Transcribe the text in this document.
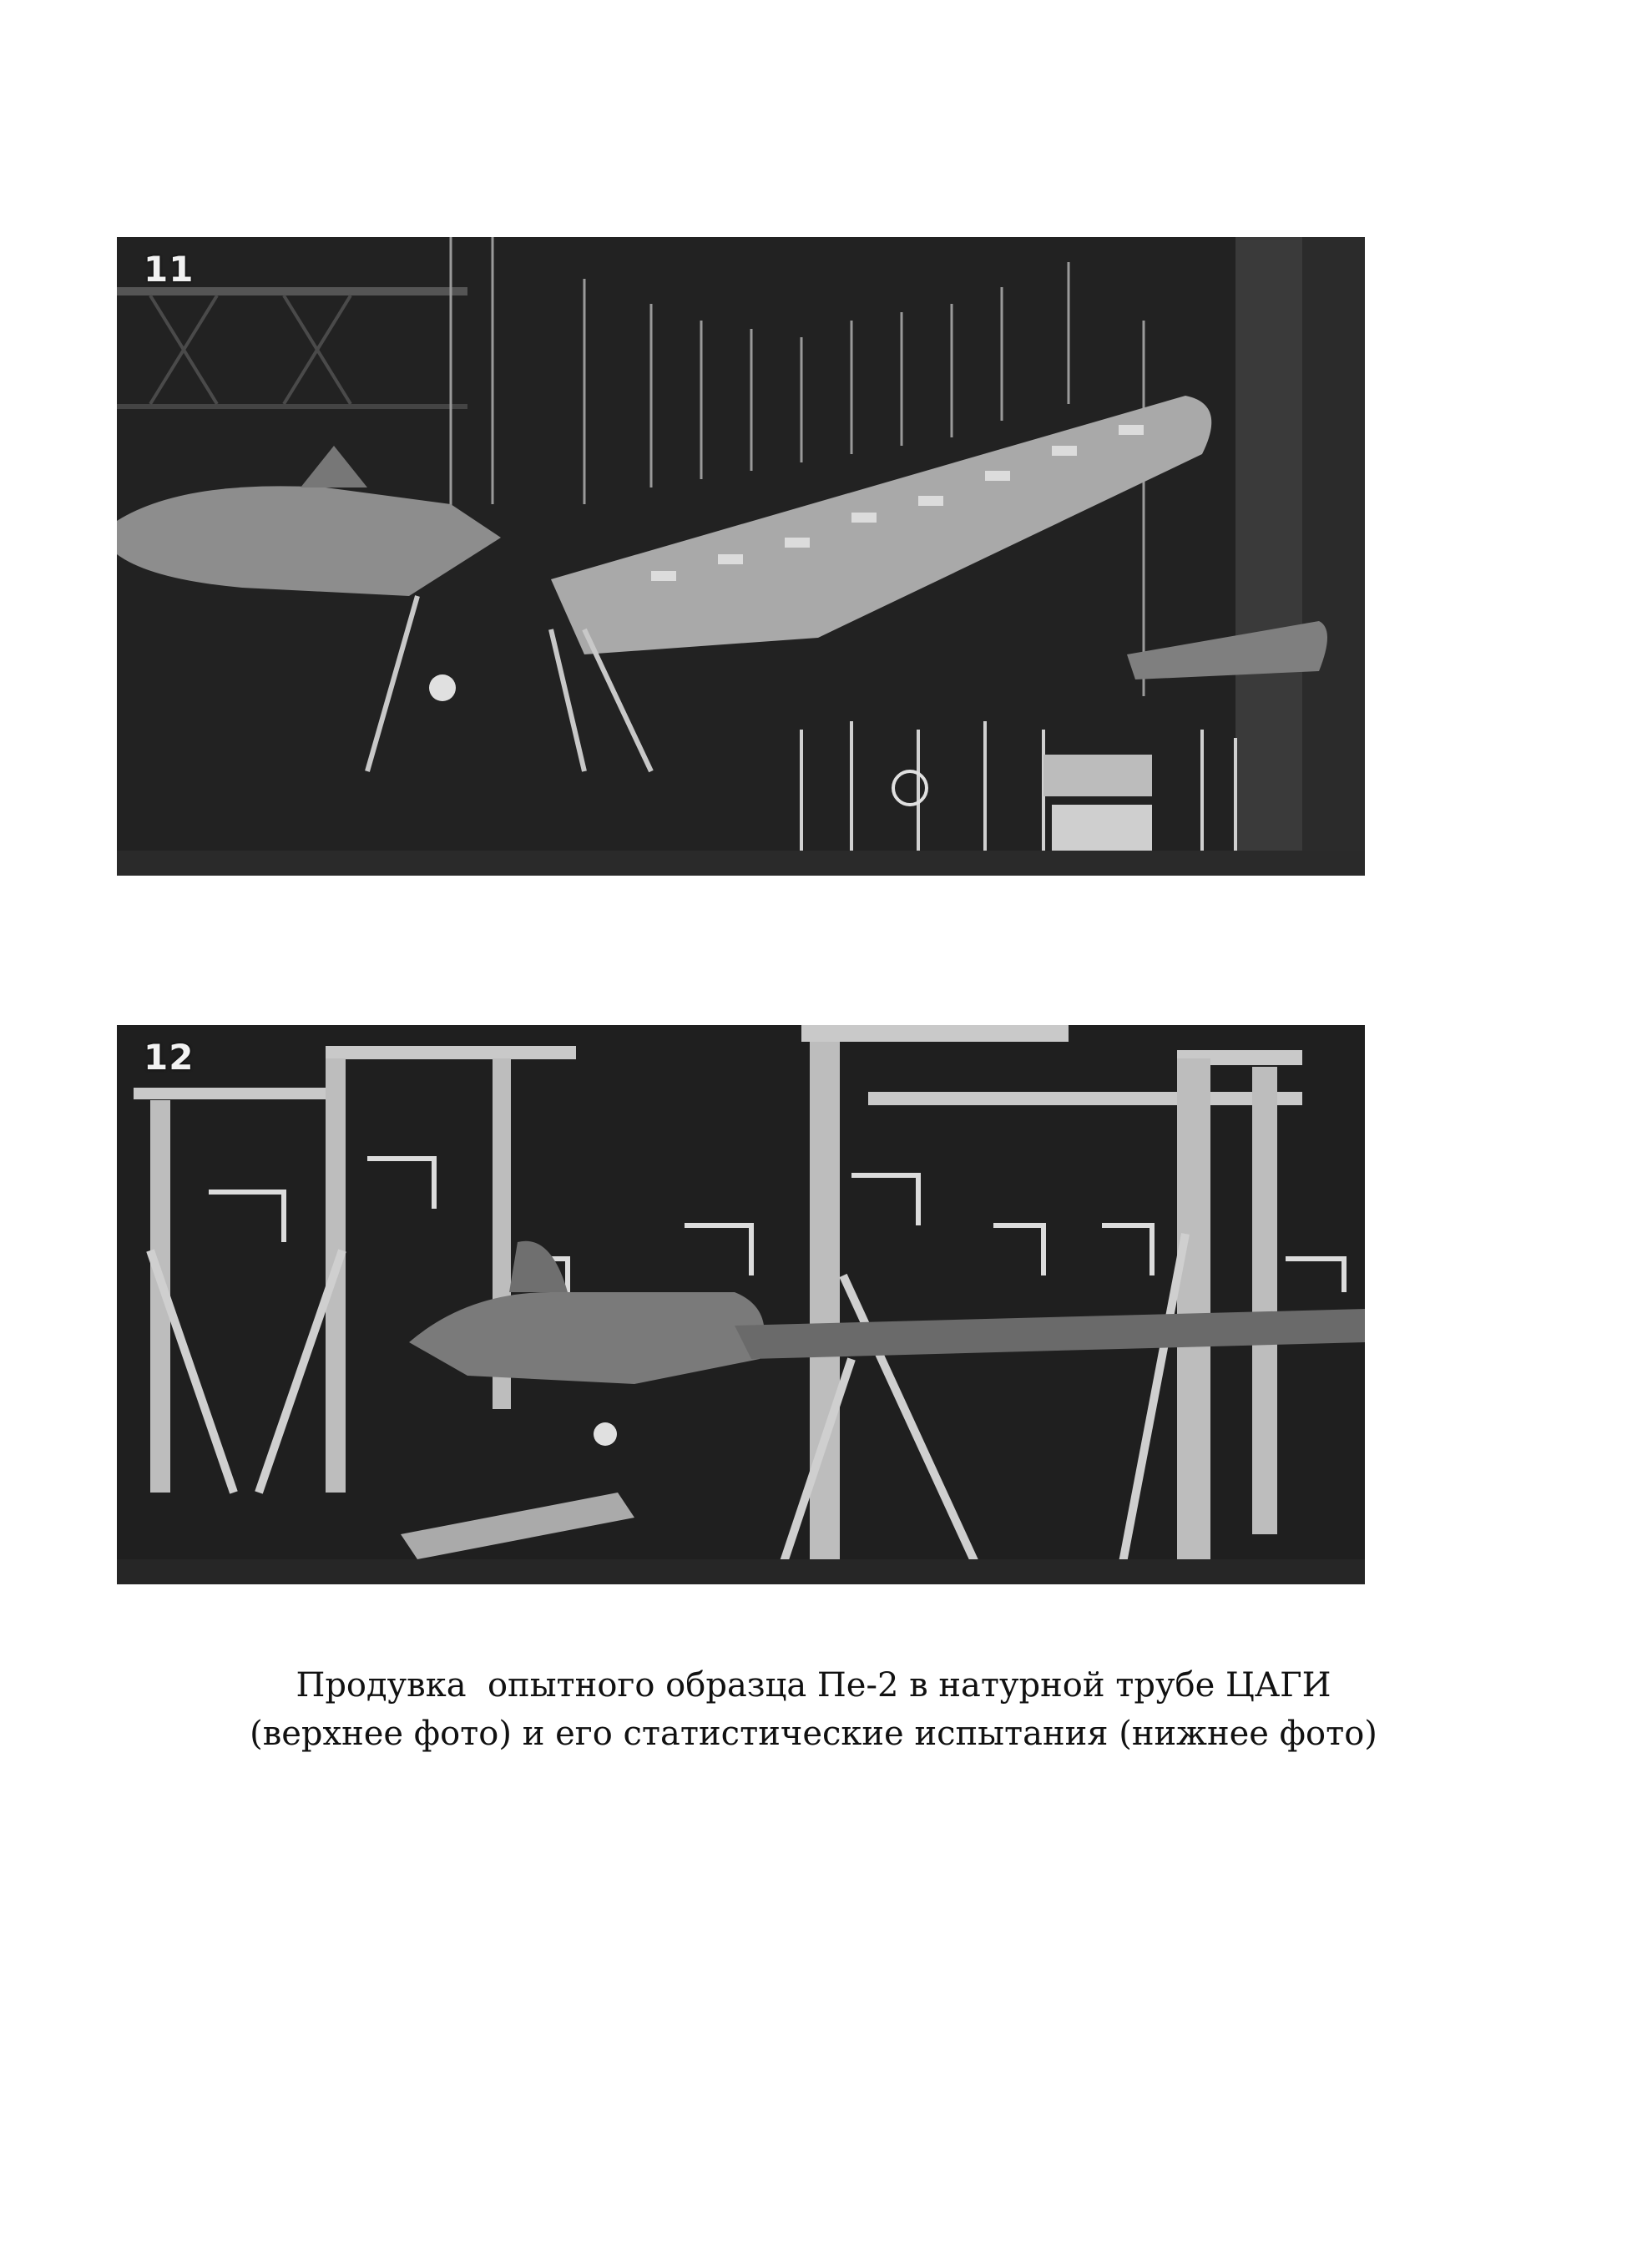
11
12
Продувка  опытного образца Пе-2 в натурной трубе ЦАГИ
(верхнее фото) и его статистические испытания (нижнее фото)
